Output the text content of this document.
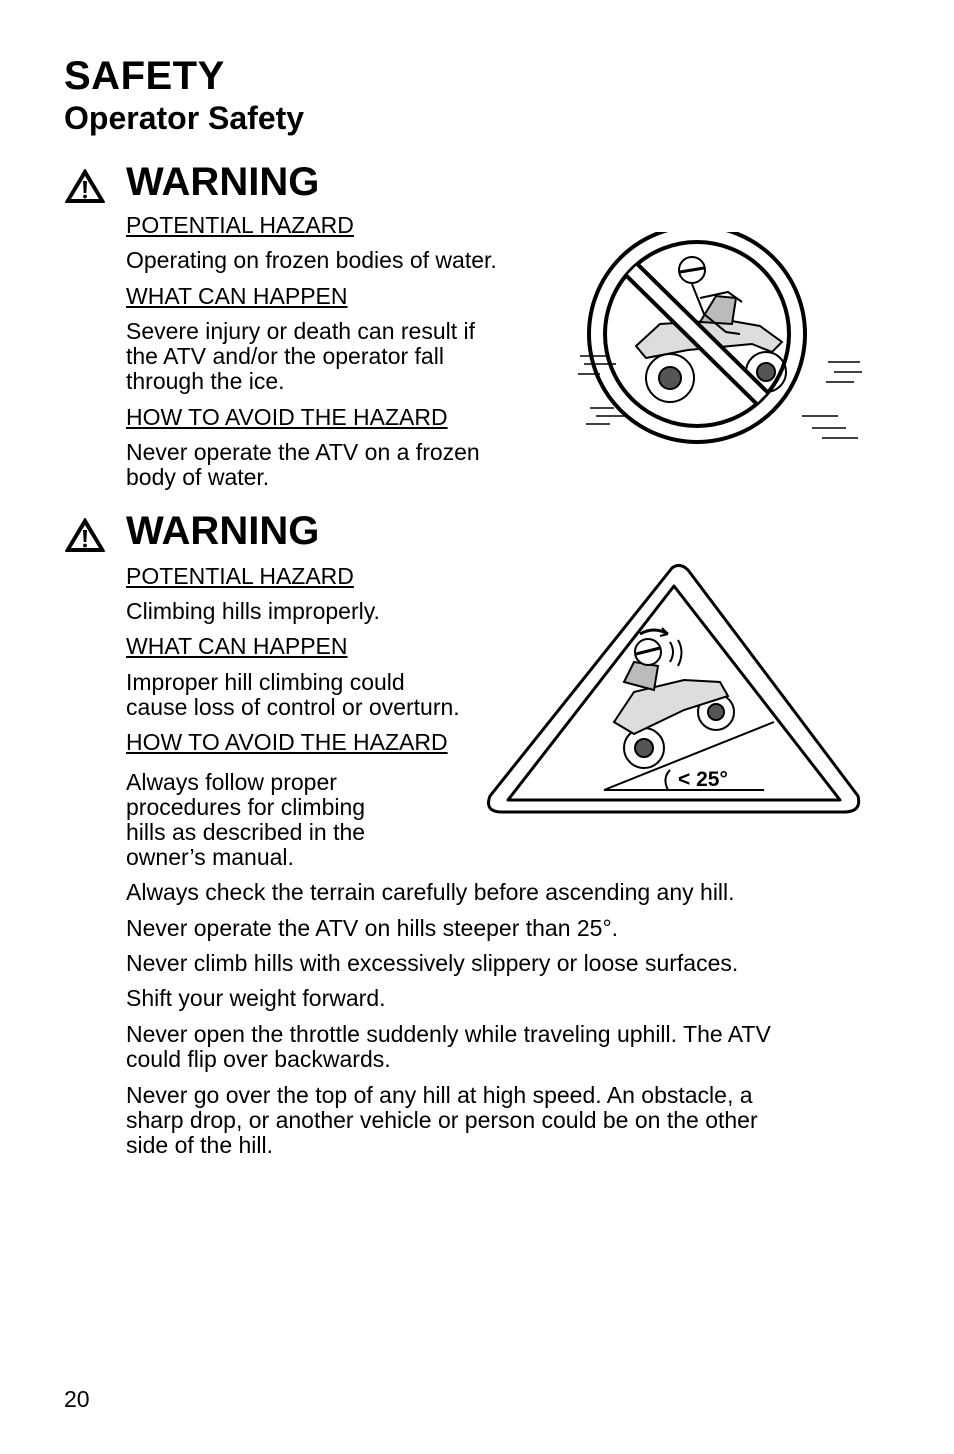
SAFETY
Operator Safety
WARNING

POTENTIAL HAZARD

Operating on frozen bodies of water.

WHAT CAN HAPPEN

Severe injury or death can result if

the ATV and/or the operator fall

through the ice.

HOW TO AVOID THE HAZARD

Never operate the ATV on a frozen

body of water.

WARNING

POTENTIAL HAZARD

Climbing hills improperly.

WHAT CAN HAPPEN

Improper hill climbing could

cause loss of control or overturn.

HOW TO AVOID THE HAZARD

Always follow proper

procedures for climbing

hills as described in the

owner’s manual.

< 25°

Always check the terrain carefully before ascending any hill.

Never operate the ATV on hills steeper than 25°.

Never climb hills with excessively slippery or loose surfaces.

Shift your weight forward.

Never open the throttle suddenly while traveling uphill. The ATV

could flip over backwards.

Never go over the top of any hill at high speed. An obstacle, a

sharp drop, or another vehicle or person could be on the other

side of the hill.

20
